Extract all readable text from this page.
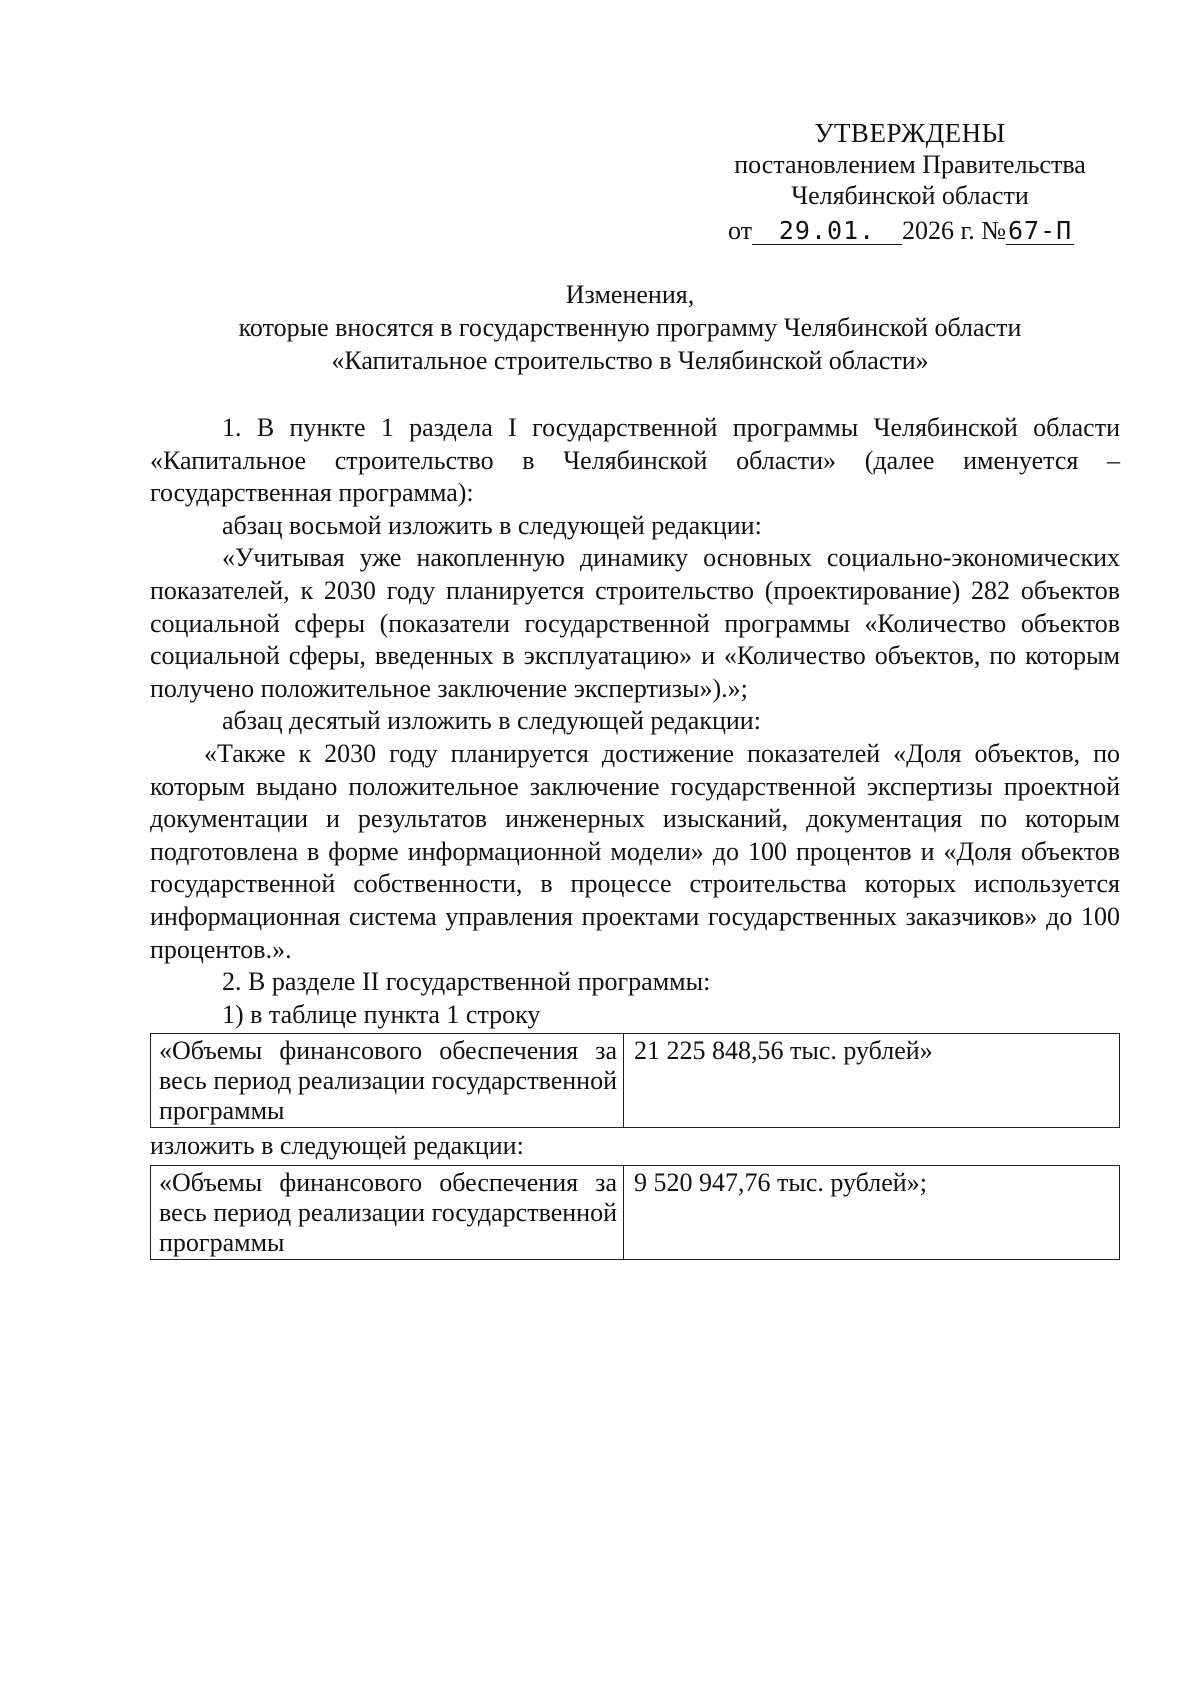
УТВЕРЖДЕНЫ
постановлением Правительства
Челябинской области
от 29.01. 2026 г. №67-П
Изменения,
которые вносятся в государственную программу Челябинской области
«Капитальное строительство в Челябинской области»

1. В пункте 1 раздела I государственной программы Челябинской области «Капитальное строительство в Челябинской области» (далее именуется – государственная программа):

абзац восьмой изложить в следующей редакции:

«Учитывая уже накопленную динамику основных социально-экономических показателей, к 2030 году планируется строительство (проектирование) 282 объектов социальной сферы (показатели государственной программы «Количество объектов социальной сферы, введенных в эксплуатацию» и «Количество объектов, по которым получено положительное заключение экспертизы»).»;

абзац десятый изложить в следующей редакции:

«Также к 2030 году планируется достижение показателей «Доля объектов, по которым выдано положительное заключение государственной экспертизы проектной документации и результатов инженерных изысканий, документация по которым подготовлена в форме информационной модели» до 100 процентов и «Доля объектов государственной собственности, в процессе строительства которых используется информационная система управления проектами государственных заказчиков» до 100 процентов.».

2. В разделе II государственной программы:

1) в таблице пункта 1 строку

«Объемы финансового обеспечения за весь период реализации государственной программы	21 225 848,56 тыс. рублей»

изложить в следующей редакции:

«Объемы финансового обеспечения за весь период реализации государственной программы	9 520 947,76 тыс. рублей»;
